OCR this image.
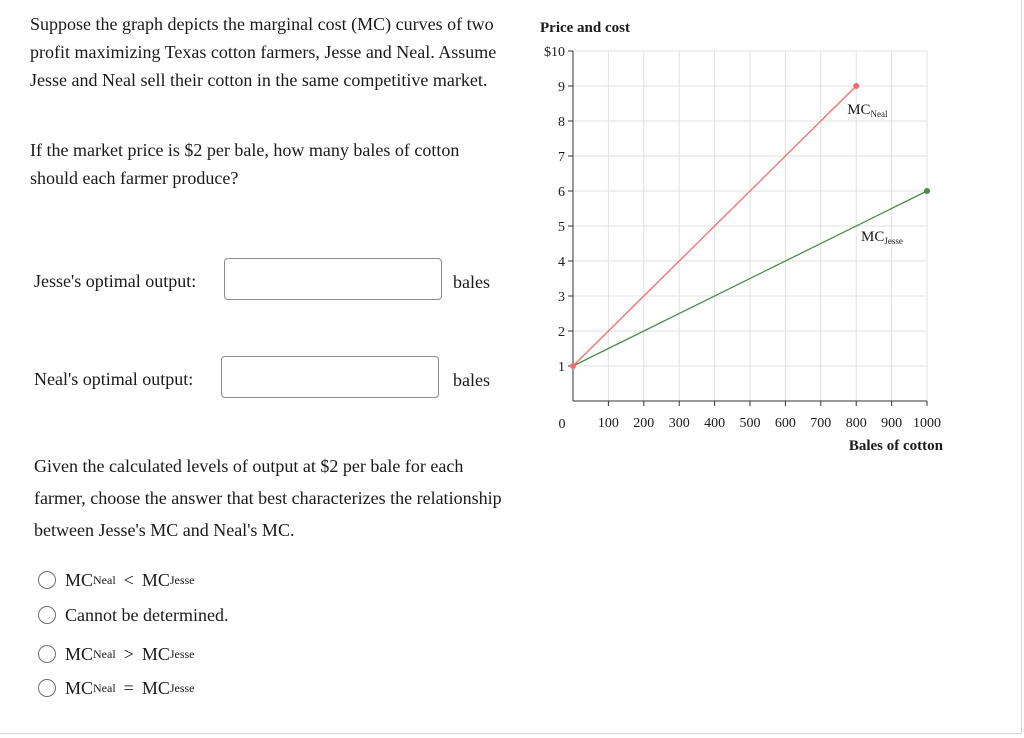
Suppose the graph depicts the marginal cost (MC) curves of two profit maximizing Texas cotton farmers, Jesse and Neal. Assume Jesse and Neal sell their cotton in the same competitive market.

If the market price is $2 per bale, how many bales of cotton should each farmer produce?

Jesse's optimal output:	bales
Neal's optimal output:	bales

Given the calculated levels of output at $2 per bale for each farmer, choose the answer that best characterizes the relationship between Jesse's MC and Neal's MC.

MC Neal < MC Jesse
Cannot be determined.
MC Neal > MC Jesse
MC Neal = MC Jesse
Price and cost
Bales of cotton
0
1
2
3
4
5
6
7
8
9
$10
100 200 300 400 500 600 700 800 900 1000
$MC_{Neal}$
$MC_{Jesse}$
